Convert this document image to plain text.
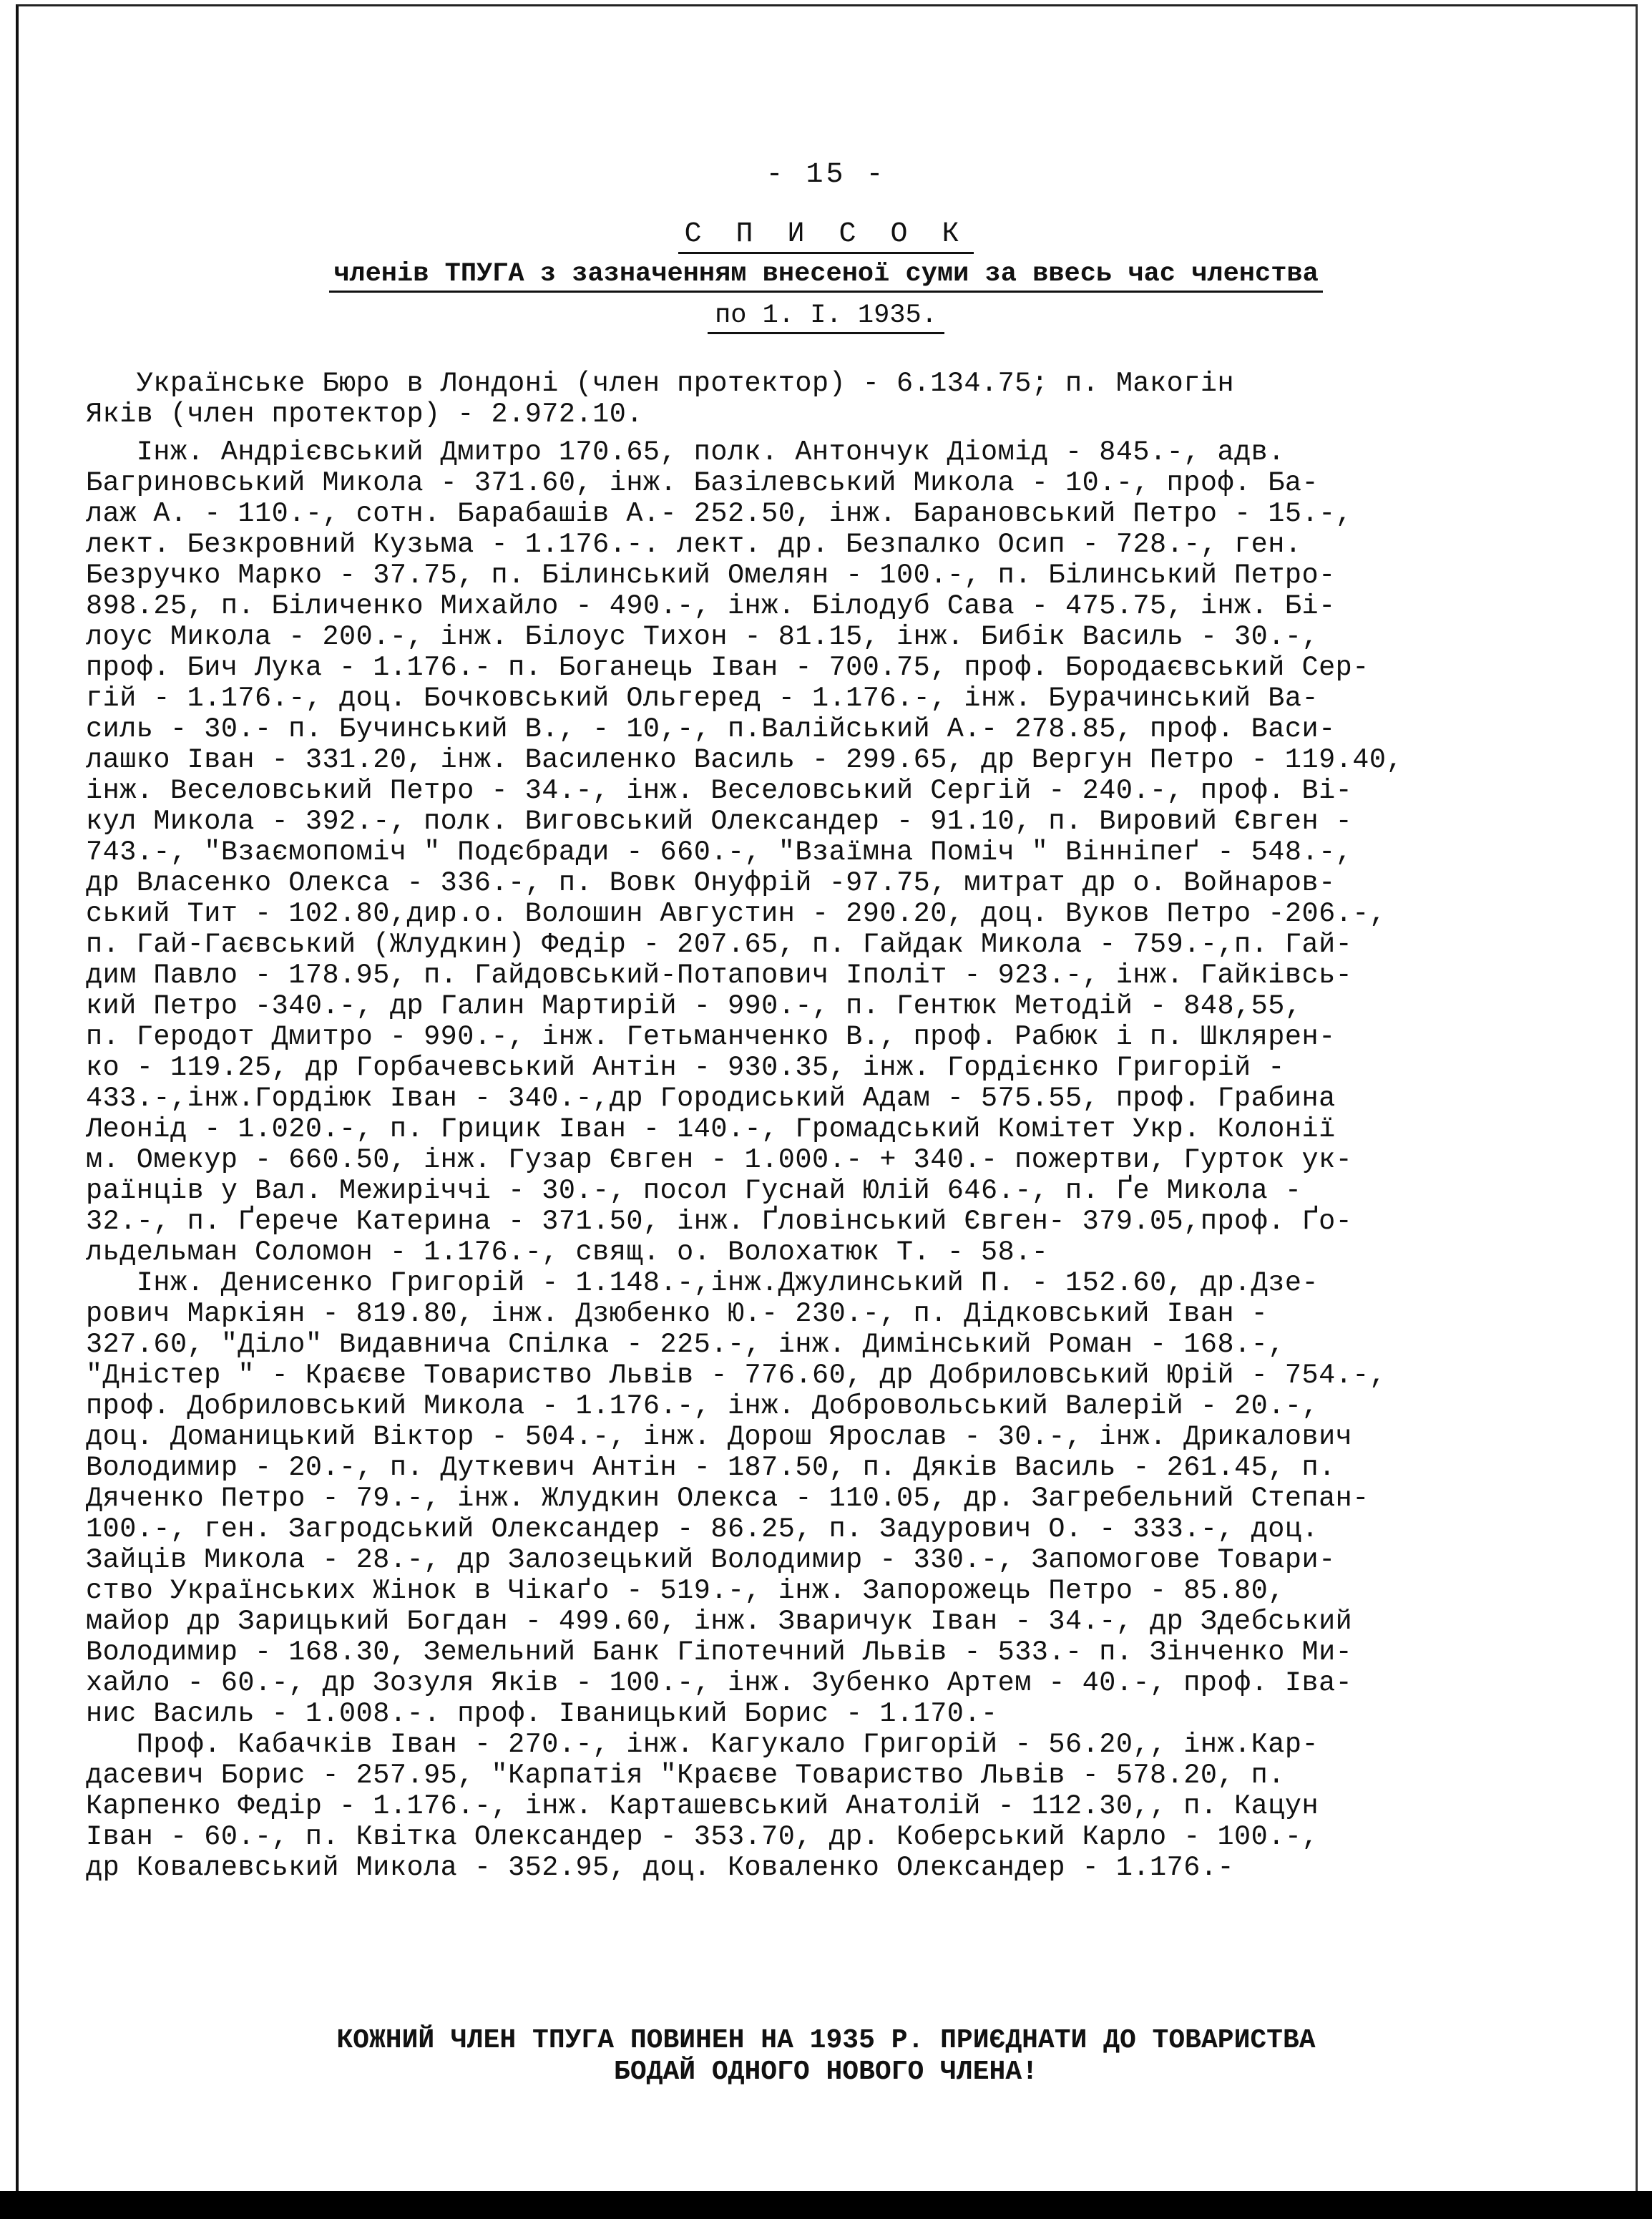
- 15 -
С П И С О К
членів ТПУГА з зазначенням внесеної суми за ввесь час членства
по 1. І. 1935.
Українське Бюро в Лондоні (член протектор) - 6.134.75; п. Макогін
Яків (член протектор) - 2.972.10.
Інж. Андрієвський Дмитро 170.65, полк. Антончук Діомід - 845.-, адв.
Багриновський Микола - 371.60, інж. Базілевський Микола - 10.-, проф. Ба-
лаж А. - 110.-, сотн. Барабашів А.- 252.50, інж. Барановський Петро - 15.-,
лект. Безкровний Кузьма - 1.176.-. лект. др. Безпалко Осип - 728.-, ген.
Безручко Марко - 37.75, п. Білинський Омелян - 100.-, п. Білинський Петро-
898.25, п. Біличенко Михайло - 490.-, інж. Білодуб Сава - 475.75, інж. Бі-
лоус Микола - 200.-, інж. Білоус Тихон - 81.15, інж. Бибік Василь - 30.-,
проф. Бич Лука - 1.176.- п. Боганець Іван - 700.75, проф. Бородаєвський Сер-
гій - 1.176.-, доц. Бочковський Ольгеред - 1.176.-, інж. Бурачинський Ва-
силь - 30.- п. Бучинський В., - 10,-, п.Валійський А.- 278.85, проф. Васи-
лашко Іван - 331.20, інж. Василенко Василь - 299.65, др Вергун Петро - 119.40,
інж. Веселовський Петро - 34.-, інж. Веселовський Сергій - 240.-, проф. Ві-
кул Микола - 392.-, полк. Виговський Олександер - 91.10, п. Вировий Євген -
743.-, "Взаємопоміч " Подєбради - 660.-, "Взаїмна Поміч " Вінніпеґ - 548.-,
др Власенко Олекса - 336.-, п. Вовк Онуфрій -97.75, митрат др о. Войнаров-
ський Тит - 102.80,дир.о. Волошин Августин - 290.20, доц. Вуков Петро -206.-,
п. Гай-Гаєвський (Жлудкин) Федір - 207.65, п. Гайдак Микола - 759.-,п. Гай-
дим Павло - 178.95, п. Гайдовський-Потапович Іполіт - 923.-, інж. Гайківсь-
кий Петро -340.-, др Галин Мартирій - 990.-, п. Гентюк Методій - 848,55,
п. Геродот Дмитро - 990.-, інж. Гетьманченко В., проф. Рабюк і п. Шклярен-
ко - 119.25, др Горбачевський Антін - 930.35, інж. Гордієнко Григорій -
433.-,інж.Гордіюк Іван - 340.-,др Городиський Адам - 575.55, проф. Грабина
Леонід - 1.020.-, п. Грицик Іван - 140.-, Громадський Комітет Укр. Колонії
м. Омекур - 660.50, інж. Гузар Євген - 1.000.- + 340.- пожертви, Гурток ук-
раїнців у Вал. Межиріччі - 30.-, посол Гуснай Юлій 646.-, п. Ґе Микола -
32.-, п. Ґерече Катерина - 371.50, інж. Ґловінський Євген- 379.05,проф. Ґо-
льдельман Соломон - 1.176.-, свящ. о. Волохатюк Т. - 58.-
Інж. Денисенко Григорій - 1.148.-,інж.Джулинський П. - 152.60, др.Дзе-
рович Маркіян - 819.80, інж. Дзюбенко Ю.- 230.-, п. Дідковський Іван -
327.60, "Діло" Видавнича Спілка - 225.-, інж. Димінський Роман - 168.-,
"Дністер " - Краєве Товариство Львів - 776.60, др Добриловський Юрій - 754.-,
проф. Добриловський Микола - 1.176.-, інж. Добровольський Валерій - 20.-,
доц. Доманицький Віктор - 504.-, інж. Дорош Ярослав - 30.-, інж. Дрикалович
Володимир - 20.-, п. Дуткевич Антін - 187.50, п. Дяків Василь - 261.45, п.
Дяченко Петро - 79.-, інж. Жлудкин Олекса - 110.05, др. Загребельний Степан-
100.-, ген. Загродський Олександер - 86.25, п. Задурович О. - 333.-, доц.
Зайців Микола - 28.-, др Залозецький Володимир - 330.-, Запомогове Товари-
ство Українських Жінок в Чікаґо - 519.-, інж. Запорожець Петро - 85.80,
майор др Зарицький Богдан - 499.60, інж. Зваричук Іван - 34.-, др Здебський
Володимир - 168.30, Земельний Банк Гіпотечний Львів - 533.- п. Зінченко Ми-
хайло - 60.-, др Зозуля Яків - 100.-, інж. Зубенко Артем - 40.-, проф. Іва-
нис Василь - 1.008.-. проф. Іваницький Борис - 1.170.-
Проф. Кабачків Іван - 270.-, інж. Кагукало Григорій - 56.20,, інж.Кар-
дасевич Борис - 257.95, "Карпатія "Краєве Товариство Львів - 578.20, п.
Карпенко Федір - 1.176.-, інж. Карташевський Анатолій - 112.30,, п. Кацун
Іван - 60.-, п. Квітка Олександер - 353.70, др. Коберський Карло - 100.-,
др Ковалевський Микола - 352.95, доц. Коваленко Олександер - 1.176.-
КОЖНИЙ ЧЛЕН ТПУГА ПОВИНЕН НА 1935 Р. ПРИЄДНАТИ ДО ТОВАРИСТВА
БОДАЙ ОДНОГО НОВОГО ЧЛЕНА!
